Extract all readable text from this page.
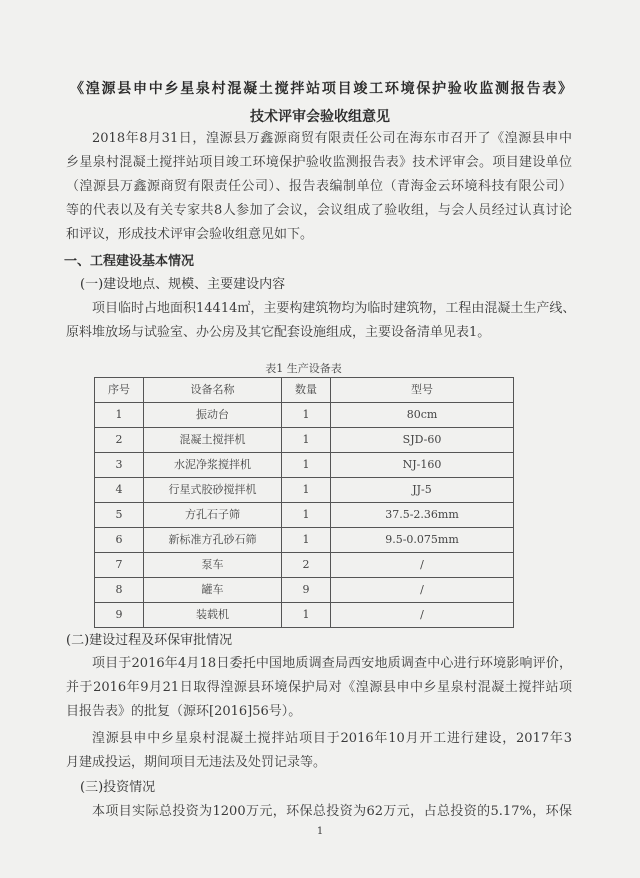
《湟源县申中乡星泉村混凝土搅拌站项目竣工环境保护验收监测报告表》
技术评审会验收组意见
2018年8月31日，湟源县万鑫源商贸有限责任公司在海东市召开了《湟源县申中
乡星泉村混凝土搅拌站项目竣工环境保护验收监测报告表》技术评审会。项目建设单位
（湟源县万鑫源商贸有限责任公司）、报告表编制单位（青海金云环境科技有限公司）
等的代表以及有关专家共8人参加了会议，会议组成了验收组，与会人员经过认真讨论
和评议，形成技术评审会验收组意见如下。
一、工程建设基本情况
(一)建设地点、规模、主要建设内容
项目临时占地面积14414㎡，主要构建筑物均为临时建筑物，工程由混凝土生产线、
原料堆放场与试验室、办公房及其它配套设施组成，主要设备清单见表1。
表1 生产设备表
序号	设备名称	数量	型号
1	振动台	1	80cm
2	混凝土搅拌机	1	SJD-60
3	水泥净浆搅拌机	1	NJ-160
4	行星式胶砂搅拌机	1	JJ-5
5	方孔石子筛	1	37.5-2.36mm
6	新标准方孔砂石筛	1	9.5-0.075mm
7	泵车	2	/
8	罐车	9	/
9	装载机	1	/
(二)建设过程及环保审批情况
项目于2016年4月18日委托中国地质调查局西安地质调查中心进行环境影响评价，
并于2016年9月21日取得湟源县环境保护局对《湟源县申中乡星泉村混凝土搅拌站项
目报告表》的批复（源环[2016]56号）。
湟源县申中乡星泉村混凝土搅拌站项目于2016年10月开工进行建设，2017年3
月建成投运，期间项目无违法及处罚记录等。
(三)投资情况
本项目实际总投资为1200万元，环保总投资为62万元，占总投资的5.17%，环保
1
